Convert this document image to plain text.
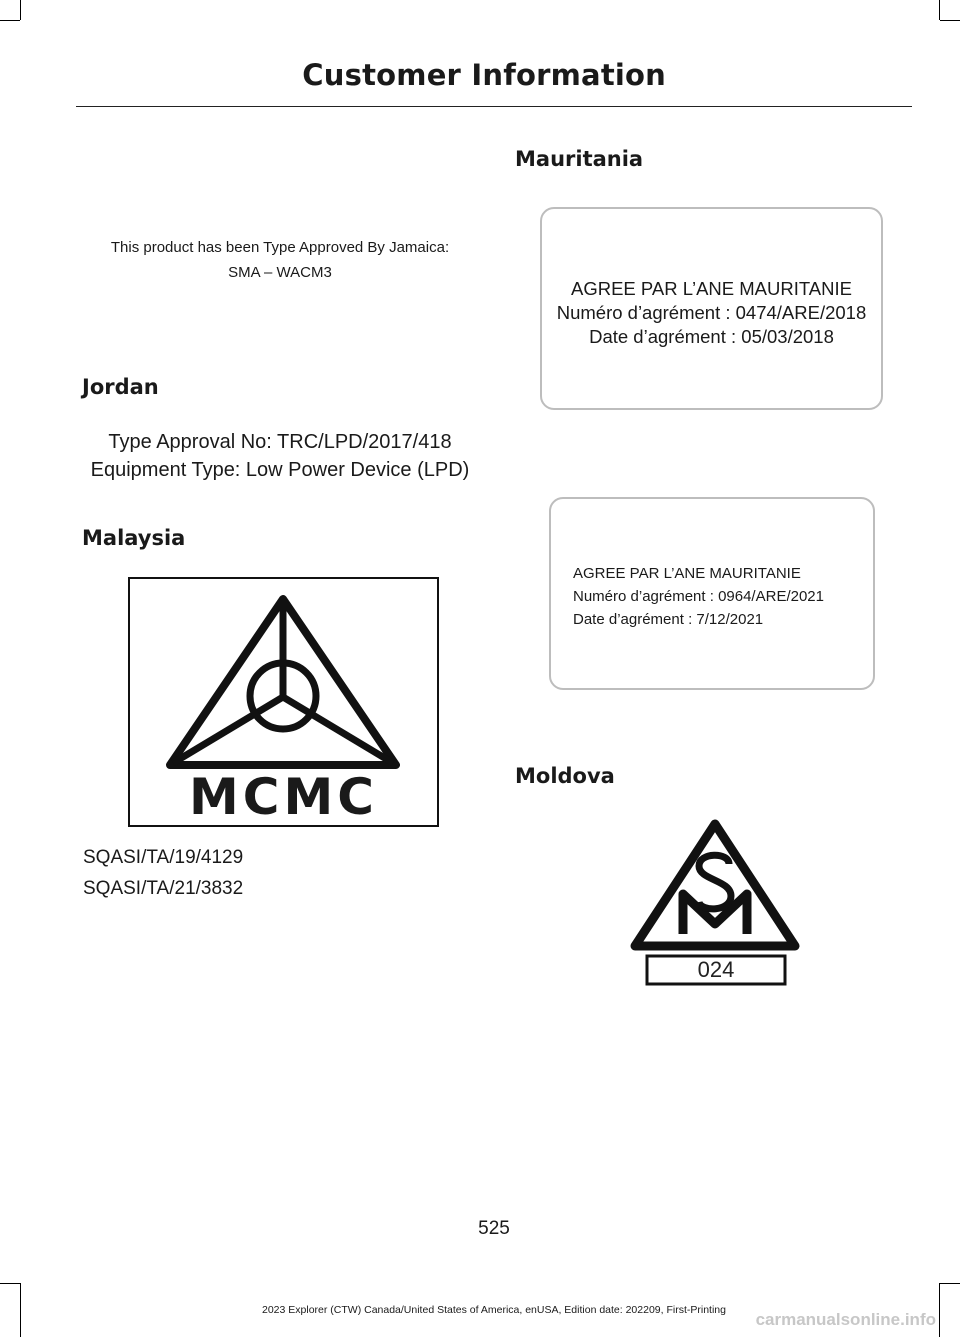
Customer Information
This product has been Type Approved By Jamaica:
SMA – WACM3
Jordan
Type Approval No: TRC/LPD/2017/418
Equipment Type: Low Power Device (LPD)
Malaysia
MCMC
SQASI/TA/19/4129
SQASI/TA/21/3832
Mauritania
AGREE PAR L’ANE MAURITANIE
Numéro d’agrément : 0474/ARE/2018
Date d’agrément : 05/03/2018
AGREE PAR L’ANE MAURITANIE
Numéro d’agrément : 0964/ARE/2021
Date d’agrément : 7/12/2021
Moldova
024
525
2023 Explorer (CTW) Canada/United States of America, enUSA, Edition date: 202209, First-Printing	carmanualsonline.info
